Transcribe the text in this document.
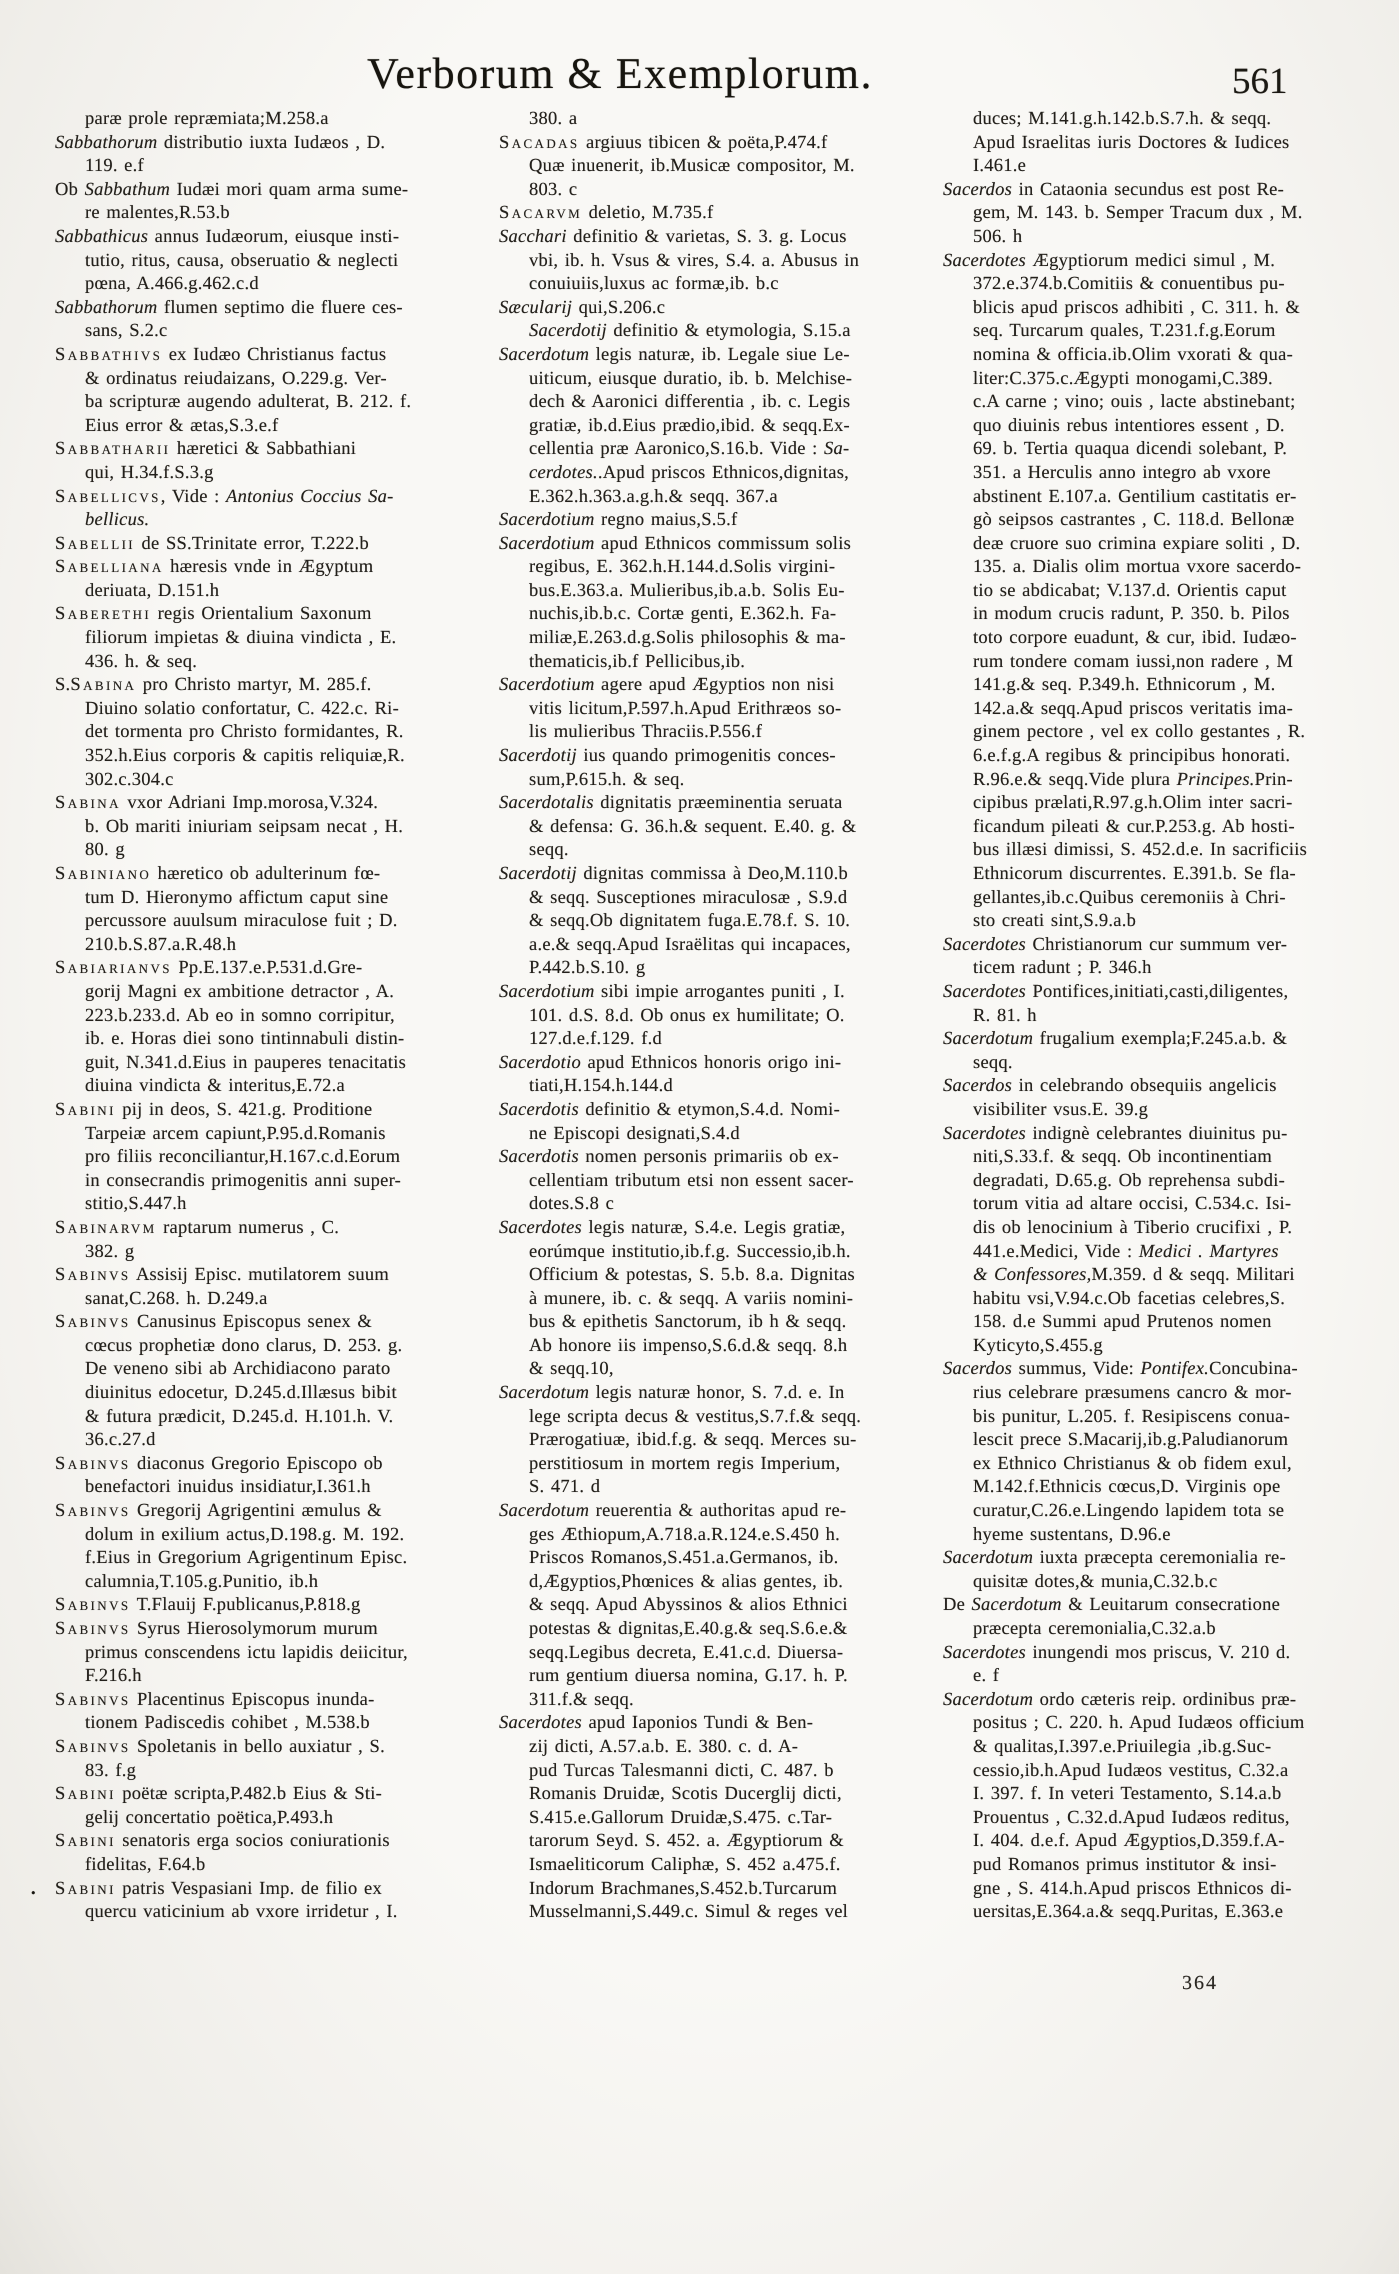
Verborum & Exemplorum.	561
paræ prole repræmiata;M.258.a
Sabbathorum distributio iuxta Iudæos , D.
119. e.f
Ob Sabbathum Iudæi mori quam arma sume-
re malentes,R.53.b
Sabbathicus annus Iudæorum, eiusque insti-
tutio, ritus, causa, obseruatio & neglecti
pœna, A.466.g.462.c.d
Sabbathorum flumen septimo die fluere ces-
sans, S.2.c
Sabbathivs ex Iudæo Christianus factus
& ordinatus reiudaizans, O.229.g. Ver-
ba scripturæ augendo adulterat, B. 212. f.
Eius error & ætas,S.3.e.f
Sabbatharii hæretici & Sabbathiani
qui, H.34.f.S.3.g
Sabellicvs, Vide : Antonius Coccius Sa-
bellicus.
Sabellii de SS.Trinitate error, T.222.b
Sabelliana hæresis vnde in Ægyptum
deriuata, D.151.h
Saberethi regis Orientalium Saxonum
filiorum impietas & diuina vindicta , E.
436. h. & seq.
S.Sabina pro Christo martyr, M. 285.f.
Diuino solatio confortatur, C. 422.c. Ri-
det tormenta pro Christo formidantes, R.
352.h.Eius corporis & capitis reliquiæ,R.
302.c.304.c
Sabina vxor Adriani Imp.morosa,V.324.
b. Ob mariti iniuriam seipsam necat , H.
80. g
Sabiniano hæretico ob adulterinum fœ-
tum D. Hieronymo affictum caput sine
percussore auulsum miraculose fuit ; D.
210.b.S.87.a.R.48.h
Sabiarianvs Pp.E.137.e.P.531.d.Gre-
gorij Magni ex ambitione detractor , A.
223.b.233.d. Ab eo in somno corripitur,
ib. e. Horas diei sono tintinnabuli distin-
guit, N.341.d.Eius in pauperes tenacitatis
diuina vindicta & interitus,E.72.a
Sabini pij in deos, S. 421.g. Proditione
Tarpeiæ arcem capiunt,P.95.d.Romanis
pro filiis reconciliantur,H.167.c.d.Eorum
in consecrandis primogenitis anni super-
stitio,S.447.h
Sabinarvm raptarum numerus , C.
382. g
Sabinvs Assisij Episc. mutilatorem suum
sanat,C.268. h. D.249.a
Sabinvs Canusinus Episcopus senex &
cœcus prophetiæ dono clarus, D. 253. g.
De veneno sibi ab Archidiacono parato
diuinitus edocetur, D.245.d.Illæsus bibit
& futura prædicit, D.245.d. H.101.h. V.
36.c.27.d
Sabinvs diaconus Gregorio Episcopo ob
benefactori inuidus insidiatur,I.361.h
Sabinvs Gregorij Agrigentini æmulus &
dolum in exilium actus,D.198.g. M. 192.
f.Eius in Gregorium Agrigentinum Episc.
calumnia,T.105.g.Punitio, ib.h
Sabinvs T.Flauij F.publicanus,P.818.g
Sabinvs Syrus Hierosolymorum murum
primus conscendens ictu lapidis deiicitur,
F.216.h
Sabinvs Placentinus Episcopus inunda-
tionem Padiscedis cohibet , M.538.b
Sabinvs Spoletanis in bello auxiatur , S.
83. f.g
Sabini poëtæ scripta,P.482.b Eius & Sti-
gelij concertatio poëtica,P.493.h
Sabini senatoris erga socios coniurationis
fidelitas, F.64.b
• Sabini patris Vespasiani Imp. de filio ex
quercu vaticinium ab vxore irridetur , I.
380. a
Sacadas argiuus tibicen & poëta,P.474.f
Quæ inuenerit, ib.Musicæ compositor, M.
803. c
Sacarvm deletio, M.735.f
Sacchari definitio & varietas, S. 3. g. Locus
vbi, ib. h. Vsus & vires, S.4. a. Abusus in
conuiuiis,luxus ac formæ,ib. b.c
Sæcularij qui,S.206.c
Sacerdotij definitio & etymologia, S.15.a
Sacerdotum legis naturæ, ib. Legale siue Le-
uiticum, eiusque duratio, ib. b. Melchise-
dech & Aaronici differentia , ib. c. Legis
gratiæ, ib.d.Eius prædio,ibid. & seqq.Ex-
cellentia præ Aaronico,S.16.b. Vide : Sa-
cerdotes..Apud priscos Ethnicos,dignitas,
E.362.h.363.a.g.h.& seqq. 367.a
Sacerdotium regno maius,S.5.f
Sacerdotium apud Ethnicos commissum solis
regibus, E. 362.h.H.144.d.Solis virgini-
bus.E.363.a. Mulieribus,ib.a.b. Solis Eu-
nuchis,ib.b.c. Cortæ genti, E.362.h. Fa-
miliæ,E.263.d.g.Solis philosophis & ma-
thematicis,ib.f Pellicibus,ib.
Sacerdotium agere apud Ægyptios non nisi
vitis licitum,P.597.h.Apud Erithræos so-
lis mulieribus Thraciis.P.556.f
Sacerdotij ius quando primogenitis conces-
sum,P.615.h. & seq.
Sacerdotalis dignitatis præeminentia seruata
& defensa: G. 36.h.& sequent. E.40. g. &
seqq.
Sacerdotij dignitas commissa à Deo,M.110.b
& seqq. Susceptiones miraculosæ , S.9.d
& seqq.Ob dignitatem fuga.E.78.f. S. 10.
a.e.& seqq.Apud Israëlitas qui incapaces,
P.442.b.S.10. g
Sacerdotium sibi impie arrogantes puniti , I.
101. d.S. 8.d. Ob onus ex humilitate; O.
127.d.e.f.129. f.d
Sacerdotio apud Ethnicos honoris origo ini-
tiati,H.154.h.144.d
Sacerdotis definitio & etymon,S.4.d. Nomi-
ne Episcopi designati,S.4.d
Sacerdotis nomen personis primariis ob ex-
cellentiam tributum etsi non essent sacer-
dotes.S.8 c
Sacerdotes legis naturæ, S.4.e. Legis gratiæ,
eorúmque institutio,ib.f.g. Successio,ib.h.
Officium & potestas, S. 5.b. 8.a. Dignitas
à munere, ib. c. & seqq. A variis nomini-
bus & epithetis Sanctorum, ib h & seqq.
Ab honore iis impenso,S.6.d.& seqq. 8.h
& seqq.10,
Sacerdotum legis naturæ honor, S. 7.d. e. In
lege scripta decus & vestitus,S.7.f.& seqq.
Prærogatiuæ, ibid.f.g. & seqq. Merces su-
perstitiosum in mortem regis Imperium,
S. 471. d
Sacerdotum reuerentia & authoritas apud re-
ges Æthiopum,A.718.a.R.124.e.S.450 h.
Priscos Romanos,S.451.a.Germanos, ib.
d,Ægyptios,Phœnices & alias gentes, ib.
& seqq. Apud Abyssinos & alios Ethnici
potestas & dignitas,E.40.g.& seq.S.6.e.&
seqq.Legibus decreta, E.41.c.d. Diuersa-
rum gentium diuersa nomina, G.17. h. P.
311.f.& seqq.
Sacerdotes apud Iaponios Tundi & Ben-
zij dicti, A.57.a.b. E. 380. c. d. A-
pud Turcas Talesmanni dicti, C. 487. b
Romanis Druidæ, Scotis Ducerglij dicti,
S.415.e.Gallorum Druidæ,S.475. c.Tar-
tarorum Seyd. S. 452. a. Ægyptiorum &
Ismaeliticorum Caliphæ, S. 452 a.475.f.
Indorum Brachmanes,S.452.b.Turcarum
Musselmanni,S.449.c. Simul & reges vel
duces; M.141.g.h.142.b.S.7.h. & seqq.
Apud Israelitas iuris Doctores & Iudices
I.461.e
Sacerdos in Cataonia secundus est post Re-
gem, M. 143. b. Semper Tracum dux , M.
506. h
Sacerdotes Ægyptiorum medici simul , M.
372.e.374.b.Comitiis & conuentibus pu-
blicis apud priscos adhibiti , C. 311. h. &
seq. Turcarum quales, T.231.f.g.Eorum
nomina & officia.ib.Olim vxorati & qua-
liter:C.375.c.Ægypti monogami,C.389.
c.A carne ; vino; ouis , lacte abstinebant;
quo diuinis rebus intentiores essent , D.
69. b. Tertia quaqua dicendi solebant, P.
351. a Herculis anno integro ab vxore
abstinent E.107.a. Gentilium castitatis er-
gò seipsos castrantes , C. 118.d. Bellonæ
deæ cruore suo crimina expiare soliti , D.
135. a. Dialis olim mortua vxore sacerdo-
tio se abdicabat; V.137.d. Orientis caput
in modum crucis radunt, P. 350. b. Pilos
toto corpore euadunt, & cur, ibid. Iudæo-
rum tondere comam iussi,non radere , M
141.g.& seq. P.349.h. Ethnicorum , M.
142.a.& seqq.Apud priscos veritatis ima-
ginem pectore , vel ex collo gestantes , R.
6.e.f.g.A regibus & principibus honorati.
R.96.e.& seqq.Vide plura Principes.Prin-
cipibus prælati,R.97.g.h.Olim inter sacri-
ficandum pileati & cur.P.253.g. Ab hosti-
bus illæsi dimissi, S. 452.d.e. In sacrificiis
Ethnicorum discurrentes. E.391.b. Se fla-
gellantes,ib.c.Quibus ceremoniis à Chri-
sto creati sint,S.9.a.b
Sacerdotes Christianorum cur summum ver-
ticem radunt ; P. 346.h
Sacerdotes Pontifices,initiati,casti,diligentes,
R. 81. h
Sacerdotum frugalium exempla;F.245.a.b. &
seqq.
Sacerdos in celebrando obsequiis angelicis
visibiliter vsus.E. 39.g
Sacerdotes indignè celebrantes diuinitus pu-
niti,S.33.f. & seqq. Ob incontinentiam
degradati, D.65.g. Ob reprehensa subdi-
torum vitia ad altare occisi, C.534.c. Isi-
dis ob lenocinium à Tiberio crucifixi , P.
441.e.Medici, Vide : Medici . Martyres
& Confessores,M.359. d & seqq. Militari
habitu vsi,V.94.c.Ob facetias celebres,S.
158. d.e Summi apud Prutenos nomen
Kyticyto,S.455.g
Sacerdos summus, Vide: Pontifex.Concubina-
rius celebrare præsumens cancro & mor-
bis punitur, L.205. f. Resipiscens conua-
lescit prece S.Macarij,ib.g.Paludianorum
ex Ethnico Christianus & ob fidem exul,
M.142.f.Ethnicis cœcus,D. Virginis ope
curatur,C.26.e.Lingendo lapidem tota se
hyeme sustentans, D.96.e
Sacerdotum iuxta præcepta ceremonialia re-
quisitæ dotes,& munia,C.32.b.c
De Sacerdotum & Leuitarum consecratione
præcepta ceremonialia,C.32.a.b
Sacerdotes inungendi mos priscus, V. 210 d.
e. f
Sacerdotum ordo cæteris reip. ordinibus præ-
positus ; C. 220. h. Apud Iudæos officium
& qualitas,I.397.e.Priuilegia ,ib.g.Suc-
cessio,ib.h.Apud Iudæos vestitus, C.32.a
I. 397. f. In veteri Testamento, S.14.a.b
Prouentus , C.32.d.Apud Iudæos reditus,
I. 404. d.e.f. Apud Ægyptios,D.359.f.A-
pud Romanos primus institutor & insi-
gne , S. 414.h.Apud priscos Ethnicos di-
uersitas,E.364.a.& seqq.Puritas, E.363.e
364
